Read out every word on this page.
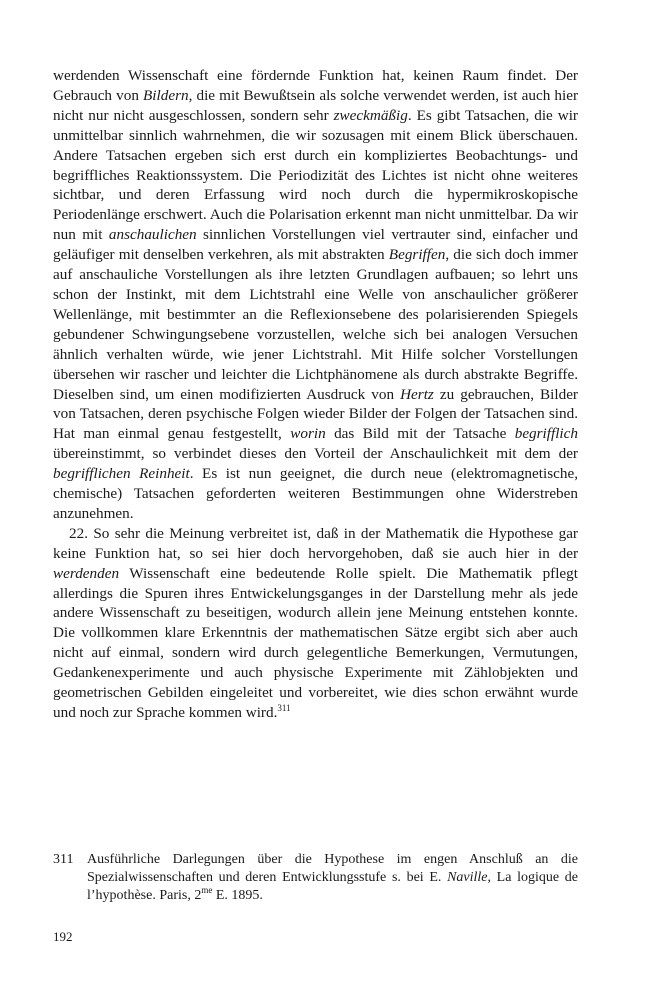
werdenden Wissenschaft eine fördernde Funktion hat, keinen Raum findet. Der Gebrauch von Bildern, die mit Bewußtsein als solche verwendet werden, ist auch hier nicht nur nicht ausgeschlossen, sondern sehr zweckmäßig. Es gibt Tatsachen, die wir unmittelbar sinnlich wahrnehmen, die wir sozusagen mit einem Blick überschauen. Andere Tatsachen ergeben sich erst durch ein kompliziertes Beobachtungs- und begriffliches Reaktionssystem. Die Periodizität des Lichtes ist nicht ohne weiteres sichtbar, und deren Erfassung wird noch durch die hypermikroskopische Periodenlänge erschwert. Auch die Polarisation erkennt man nicht unmittelbar. Da wir nun mit anschaulichen sinnlichen Vorstellungen viel vertrauter sind, einfacher und geläufiger mit denselben verkehren, als mit abstrakten Begriffen, die sich doch immer auf anschauliche Vorstellungen als ihre letzten Grundlagen aufbauen; so lehrt uns schon der Instinkt, mit dem Lichtstrahl eine Welle von anschaulicher größerer Wellenlänge, mit bestimmter an die Reflexionsebene des polarisierenden Spiegels gebundener Schwingungsebene vorzustellen, welche sich bei analogen Versuchen ähnlich verhalten würde, wie jener Lichtstrahl. Mit Hilfe solcher Vorstellungen übersehen wir rascher und leichter die Lichtphänomene als durch abstrakte Begriffe. Dieselben sind, um einen modifizierten Ausdruck von Hertz zu gebrauchen, Bilder von Tatsachen, deren psychische Folgen wieder Bilder der Folgen der Tatsachen sind. Hat man einmal genau festgestellt, worin das Bild mit der Tatsache begrifflich übereinstimmt, so verbindet dieses den Vorteil der Anschaulichkeit mit dem der begrifflichen Reinheit. Es ist nun geeignet, die durch neue (elektromagnetische, chemische) Tatsachen geforderten weiteren Bestimmungen ohne Widerstreben anzunehmen.

22. So sehr die Meinung verbreitet ist, daß in der Mathematik die Hypothese gar keine Funktion hat, so sei hier doch hervorgehoben, daß sie auch hier in der werdenden Wissenschaft eine bedeutende Rolle spielt. Die Mathematik pflegt allerdings die Spuren ihres Entwickelungsganges in der Darstellung mehr als jede andere Wissenschaft zu beseitigen, wodurch allein jene Meinung entstehen konnte. Die vollkommen klare Erkenntnis der mathematischen Sätze ergibt sich aber auch nicht auf einmal, sondern wird durch gelegentliche Bemerkungen, Vermutungen, Gedankenexperimente und auch physische Experimente mit Zählobjekten und geometrischen Gebilden eingeleitet und vorbereitet, wie dies schon erwähnt wurde und noch zur Sprache kommen wird.$^{311}$

311 Ausführliche Darlegungen über die Hypothese im engen Anschluß an die Spezialwissenschaften und deren Entwicklungsstufe s. bei E. Naville, La logique de l’hypothèse. Paris, $2^{me}$ E. 1895.
192
